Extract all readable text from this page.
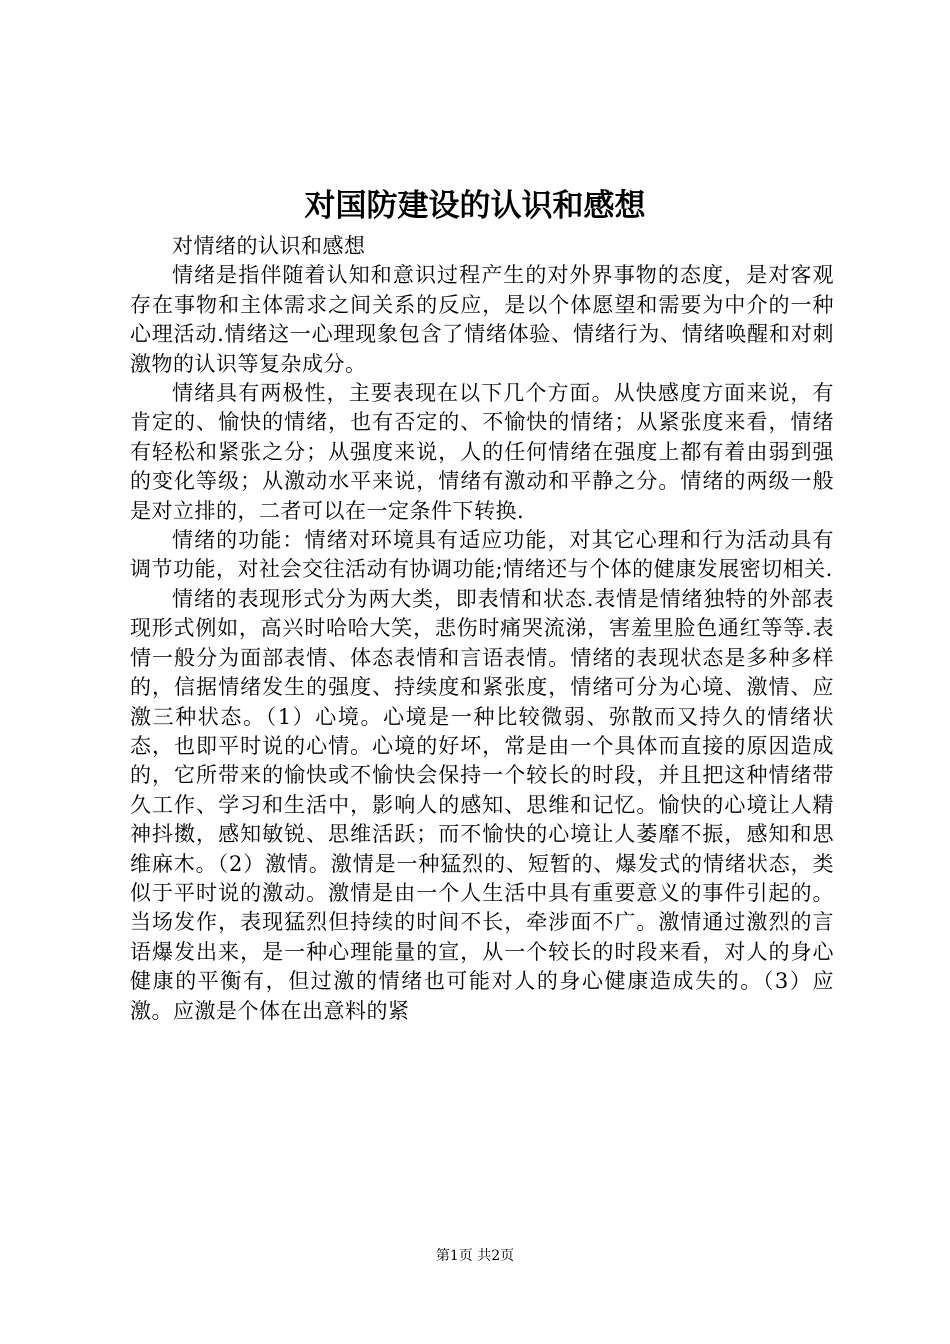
对国防建设的认识和感想

对情绪的认识和感想

情绪是指伴随着认知和意识过程产生的对外界事物的态度，是对客观存在事物和主体需求之间关系的反应，是以个体愿望和需要为中介的一种心理活动.情绪这一心理现象包含了情绪体验、情绪行为、情绪唤醒和对刺激物的认识等复杂成分。

情绪具有两极性，主要表现在以下几个方面。从快感度方面来说，有肯定的、愉快的情绪，也有否定的、不愉快的情绪；从紧张度来看，情绪有轻松和紧张之分；从强度来说，人的任何情绪在强度上都有着由弱到强的变化等级；从激动水平来说，情绪有激动和平静之分。情绪的两级一般是对立排的，二者可以在一定条件下转换.

情绪的功能：情绪对环境具有适应功能，对其它心理和行为活动具有调节功能，对社会交往活动有协调功能;情绪还与个体的健康发展密切相关.

情绪的表现形式分为两大类，即表情和状态.表情是情绪独特的外部表现形式例如，高兴时哈哈大笑，悲伤时痛哭流涕，害羞里脸色通红等等.表情一般分为面部表情、体态表情和言语表情。情绪的表现状态是多种多样的，信据情绪发生的强度、持续度和紧张度，情绪可分为心境、激情、应激三种状态。（1）心境。心境是一种比较微弱、弥散而又持久的情绪状态，也即平时说的心情。心境的好坏，常是由一个具体而直接的原因造成的，它所带来的愉快或不愉快会保持一个较长的时段，并且把这种情绪带久工作、学习和生活中，影响人的感知、思维和记忆。愉快的心境让人精神抖擞，感知敏锐、思维活跃；而不愉快的心境让人萎靡不振，感知和思维麻木。（2）激情。激情是一种猛烈的、短暂的、爆发式的情绪状态，类似于平时说的激动。激情是由一个人生活中具有重要意义的事件引起的。当场发作，表现猛烈但持续的时间不长，牵涉面不广。激情通过激烈的言语爆发出来，是一种心理能量的宣，从一个较长的时段来看，对人的身心健康的平衡有，但过激的情绪也可能对人的身心健康造成失的。（3）应激。应激是个体在出意料的紧

第1页 共2页
